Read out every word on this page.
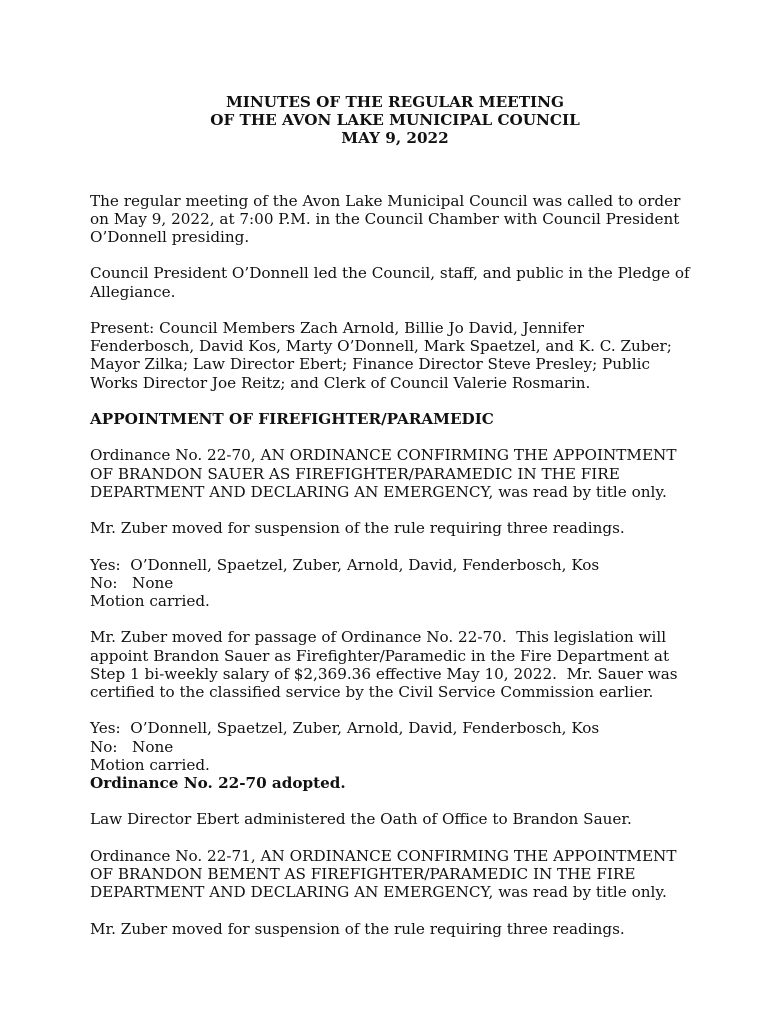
MINUTES OF THE REGULAR MEETING
OF THE AVON LAKE MUNICIPAL COUNCIL
MAY 9, 2022

The regular meeting of the Avon Lake Municipal Council was called to order
on May 9, 2022, at 7:00 P.M. in the Council Chamber with Council President
O’Donnell presiding.

Council President O’Donnell led the Council, staff, and public in the Pledge of
Allegiance.

Present: Council Members Zach Arnold, Billie Jo David, Jennifer
Fenderbosch, David Kos, Marty O’Donnell, Mark Spaetzel, and K. C. Zuber;
Mayor Zilka; Law Director Ebert; Finance Director Steve Presley; Public
Works Director Joe Reitz; and Clerk of Council Valerie Rosmarin.

APPOINTMENT OF FIREFIGHTER/PARAMEDIC

Ordinance No. 22-70, AN ORDINANCE CONFIRMING THE APPOINTMENT
OF BRANDON SAUER AS FIREFIGHTER/PARAMEDIC IN THE FIRE
DEPARTMENT AND DECLARING AN EMERGENCY, was read by title only.

Mr. Zuber moved for suspension of the rule requiring three readings.

Yes:  O’Donnell, Spaetzel, Zuber, Arnold, David, Fenderbosch, Kos
No:   None
Motion carried.

Mr. Zuber moved for passage of Ordinance No. 22-70.  This legislation will
appoint Brandon Sauer as Firefighter/Paramedic in the Fire Department at
Step 1 bi-weekly salary of $2,369.36 effective May 10, 2022.  Mr. Sauer was
certified to the classified service by the Civil Service Commission earlier.

Yes:  O’Donnell, Spaetzel, Zuber, Arnold, David, Fenderbosch, Kos
No:   None
Motion carried.
Ordinance No. 22-70 adopted.

Law Director Ebert administered the Oath of Office to Brandon Sauer.

Ordinance No. 22-71, AN ORDINANCE CONFIRMING THE APPOINTMENT
OF BRANDON BEMENT AS FIREFIGHTER/PARAMEDIC IN THE FIRE
DEPARTMENT AND DECLARING AN EMERGENCY, was read by title only.

Mr. Zuber moved for suspension of the rule requiring three readings.
